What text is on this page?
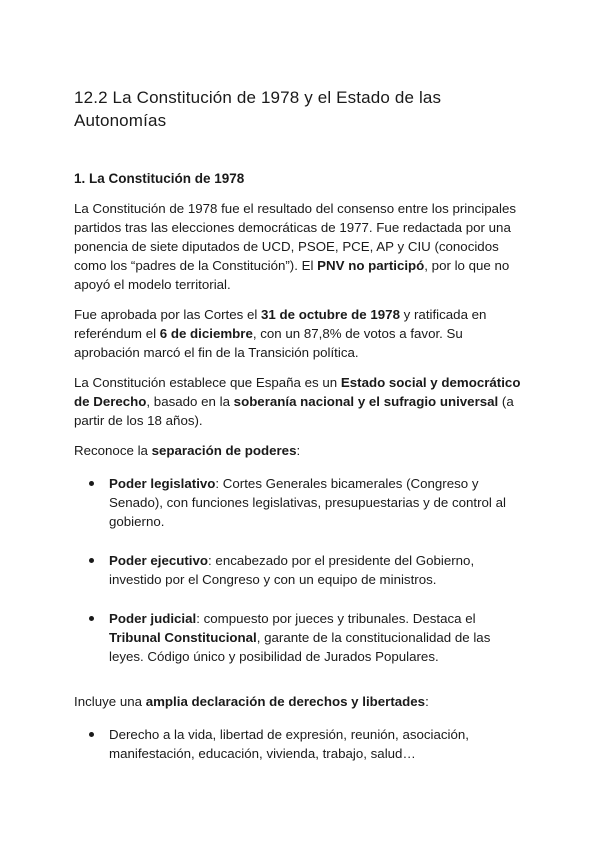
12.2 La Constitución de 1978 y el Estado de las Autonomías
1. La Constitución de 1978

La Constitución de 1978 fue el resultado del consenso entre los principales partidos tras las elecciones democráticas de 1977. Fue redactada por una ponencia de siete diputados de UCD, PSOE, PCE, AP y CIU (conocidos como los “padres de la Constitución”). El PNV no participó, por lo que no apoyó el modelo territorial.

Fue aprobada por las Cortes el 31 de octubre de 1978 y ratificada en referéndum el 6 de diciembre, con un 87,8% de votos a favor. Su aprobación marcó el fin de la Transición política.

La Constitución establece que España es un Estado social y democrático de Derecho, basado en la soberanía nacional y el sufragio universal (a partir de los 18 años).

Reconoce la separación de poderes:

Poder legislativo: Cortes Generales bicamerales (Congreso y Senado), con funciones legislativas, presupuestarias y de control al gobierno.
Poder ejecutivo: encabezado por el presidente del Gobierno, investido por el Congreso y con un equipo de ministros.
Poder judicial: compuesto por jueces y tribunales. Destaca el Tribunal Constitucional, garante de la constitucionalidad de las leyes. Código único y posibilidad de Jurados Populares.

Incluye una amplia declaración de derechos y libertades:

Derecho a la vida, libertad de expresión, reunión, asociación, manifestación, educación, vivienda, trabajo, salud…
